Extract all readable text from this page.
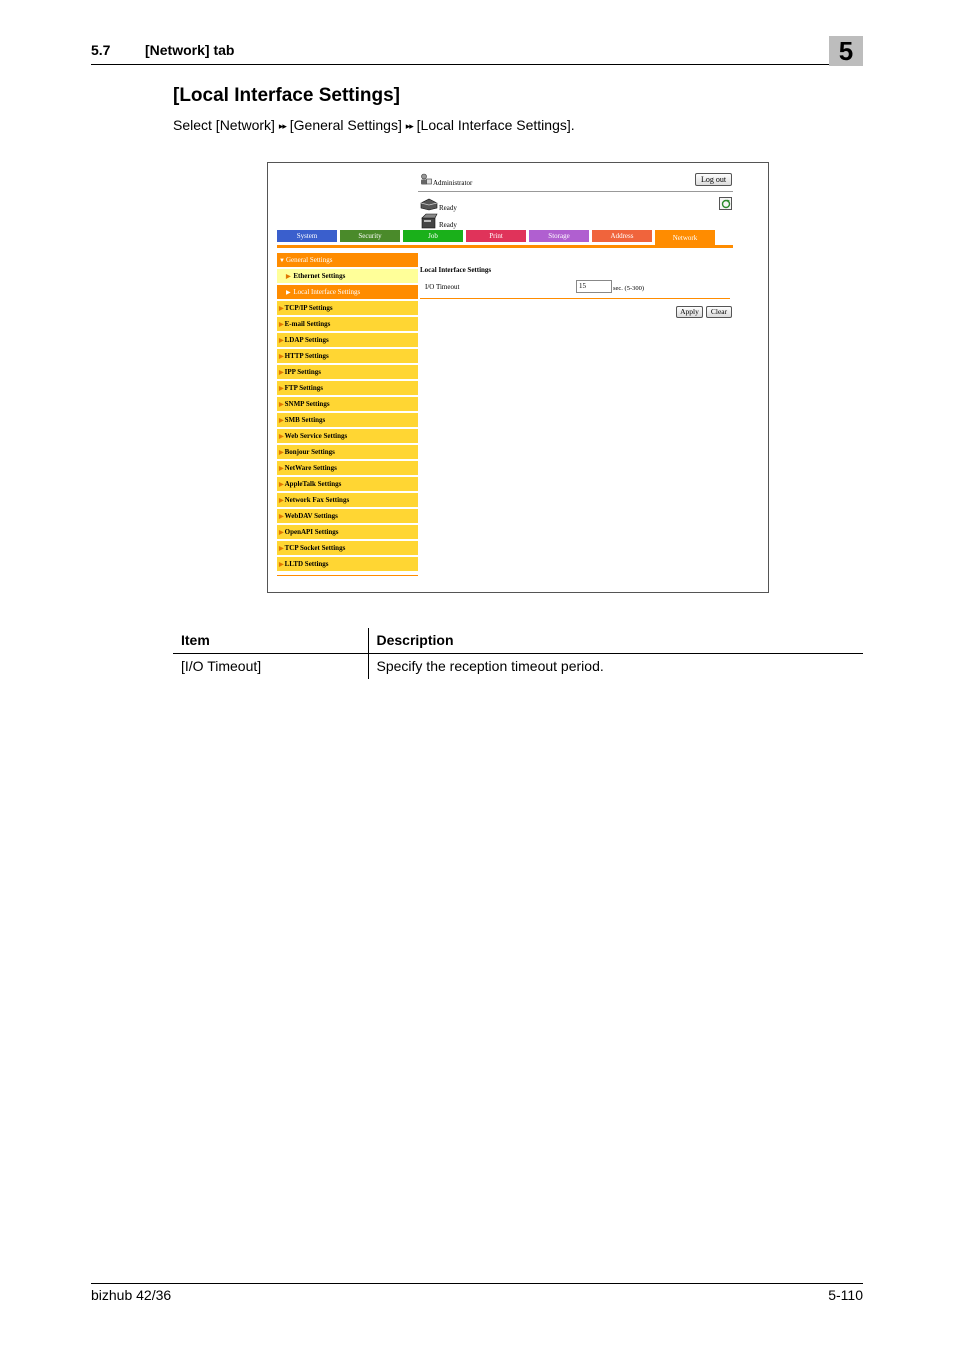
5.7 [Network] tab	5
[Local Interface Settings]
Select [Network] ▸▸ [General Settings] ▸▸ [Local Interface Settings].
Administrator	Log out
Ready
Ready
System	Security	Job	Print	Storage	Address	Network
▼General Settings
▶ Ethernet Settings
▶ Local Interface Settings
▶TCP/IP Settings
▶E-mail Settings
▶LDAP Settings
▶HTTP Settings
▶IPP Settings
▶FTP Settings
▶SNMP Settings
▶SMB Settings
▶Web Service Settings
▶Bonjour Settings
▶NetWare Settings
▶AppleTalk Settings
▶Network Fax Settings
▶WebDAV Settings
▶OpenAPI Settings
▶TCP Socket Settings
▶LLTD Settings
Local Interface Settings
I/O Timeout	15	sec. (5-300)
Apply	Clear
Item	Description
[I/O Timeout]	Specify the reception timeout period.
bizhub 42/36	5-110
